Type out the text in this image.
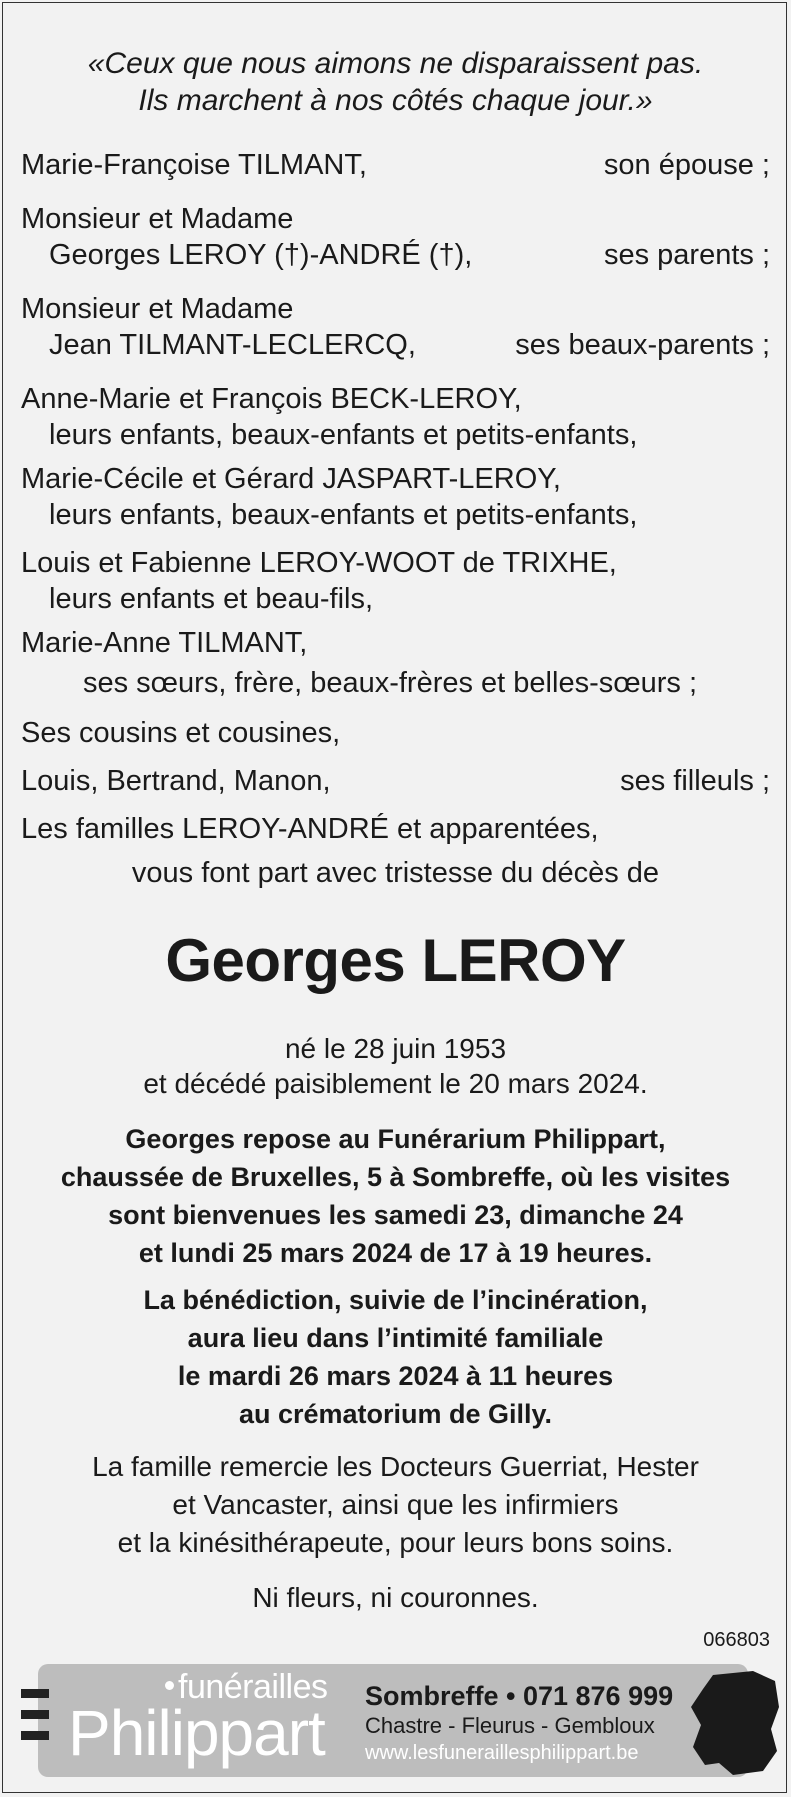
«Ceux que nous aimons ne disparaissent pas.
Ils marchent à nos côtés chaque jour.»
Marie-Françoise TILMANT,	son épouse ;
Monsieur et Madame
Georges LEROY (†)-ANDRÉ (†),	ses parents ;
Monsieur et Madame
Jean TILMANT-LECLERCQ,	ses beaux-parents ;
Anne-Marie et François BECK-LEROY,
leurs enfants, beaux-enfants et petits-enfants,
Marie-Cécile et Gérard JASPART-LEROY,
leurs enfants, beaux-enfants et petits-enfants,
Louis et Fabienne LEROY-WOOT de TRIXHE,
leurs enfants et beau-fils,
Marie-Anne TILMANT,
ses sœurs, frère, beaux-frères et belles-sœurs ;
Ses cousins et cousines,
Louis, Bertrand, Manon,	ses filleuls ;
Les familles LEROY-ANDRÉ et apparentées,
vous font part avec tristesse du décès de
Georges LEROY
né le 28 juin 1953
et décédé paisiblement le 20 mars 2024.
Georges repose au Funérarium Philippart,
chaussée de Bruxelles, 5 à Sombreffe, où les visites
sont bienvenues les samedi 23, dimanche 24
et lundi 25 mars 2024 de 17 à 19 heures.
La bénédiction, suivie de l’incinération,
aura lieu dans l’intimité familiale
le mardi 26 mars 2024 à 11 heures
au crématorium de Gilly.
La famille remercie les Docteurs Guerriat, Hester
et Vancaster, ainsi que les infirmiers
et la kinésithérapeute, pour leurs bons soins.
Ni fleurs, ni couronnes.
066803
funérailles
Philippart
Sombreffe • 071 876 999
Chastre - Fleurus - Gembloux
www.lesfuneraillesphilippart.be
